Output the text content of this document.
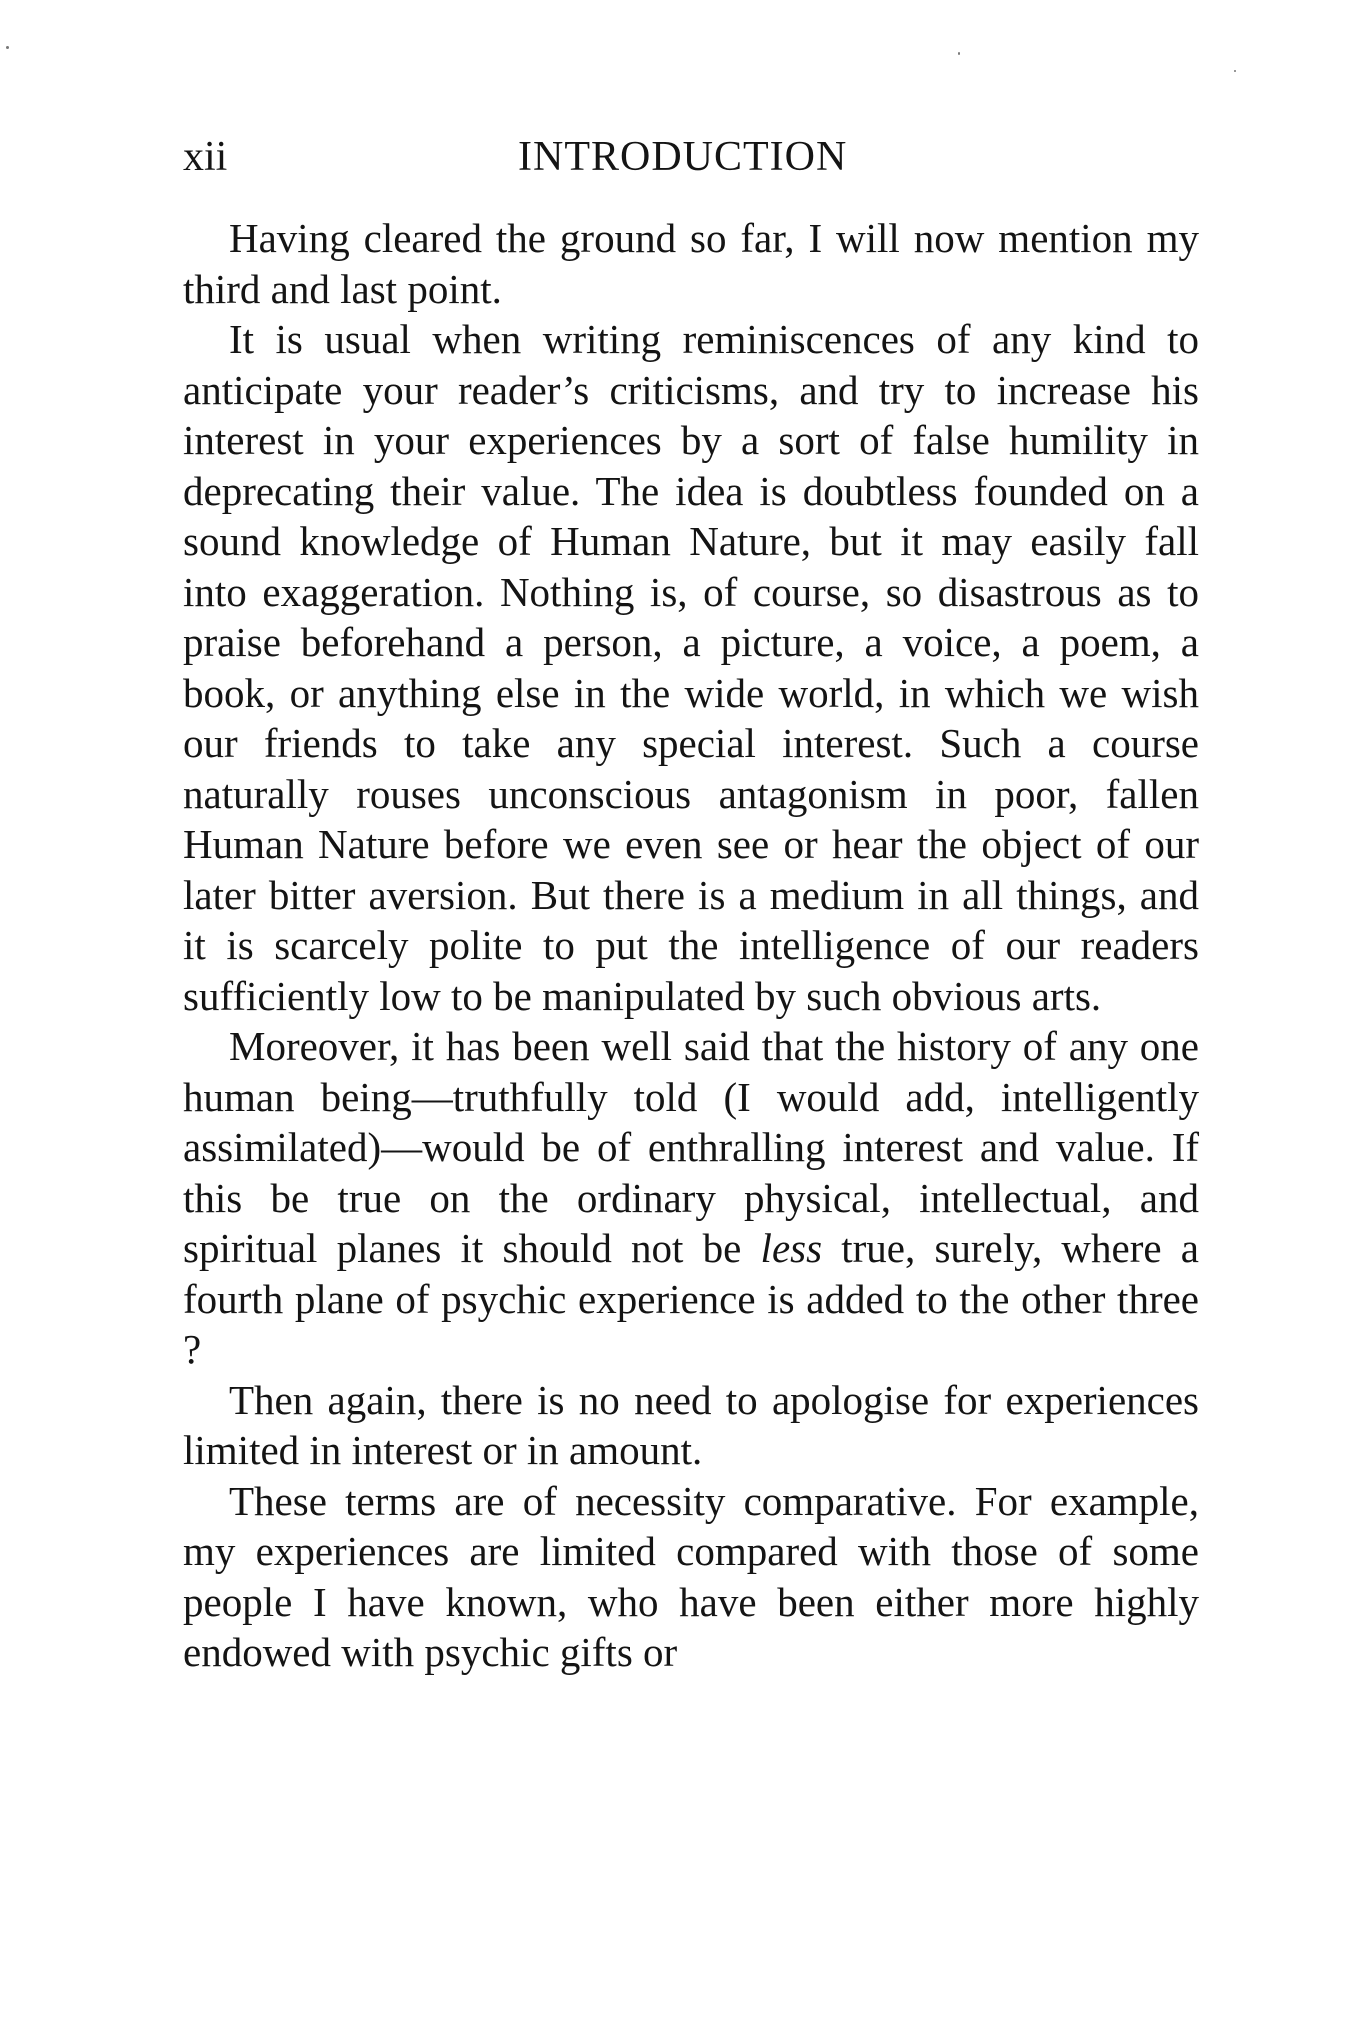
xii	INTRODUCTION

Having cleared the ground so far, I will now mention my third and last point.

It is usual when writing reminiscences of any kind to anticipate your reader’s criticisms, and try to increase his interest in your experiences by a sort of false humility in deprecating their value. The idea is doubtless founded on a sound knowledge of Human Nature, but it may easily fall into exaggeration. Nothing is, of course, so disastrous as to praise beforehand a person, a picture, a voice, a poem, a book, or anything else in the wide world, in which we wish our friends to take any special interest. Such a course naturally rouses unconscious antagonism in poor, fallen Human Nature before we even see or hear the object of our later bitter aversion. But there is a medium in all things, and it is scarcely polite to put the intelligence of our readers sufficiently low to be manipulated by such obvious arts.

Moreover, it has been well said that the history of any one human being—truthfully told (I would add, intelligently assimilated)—would be of enthralling interest and value. If this be true on the ordinary physical, intellectual, and spiritual planes it should not be less true, surely, where a fourth plane of psychic experience is added to the other three ?

Then again, there is no need to apologise for experiences limited in interest or in amount.

These terms are of necessity comparative. For example, my experiences are limited compared with those of some people I have known, who have been either more highly endowed with psychic gifts or
